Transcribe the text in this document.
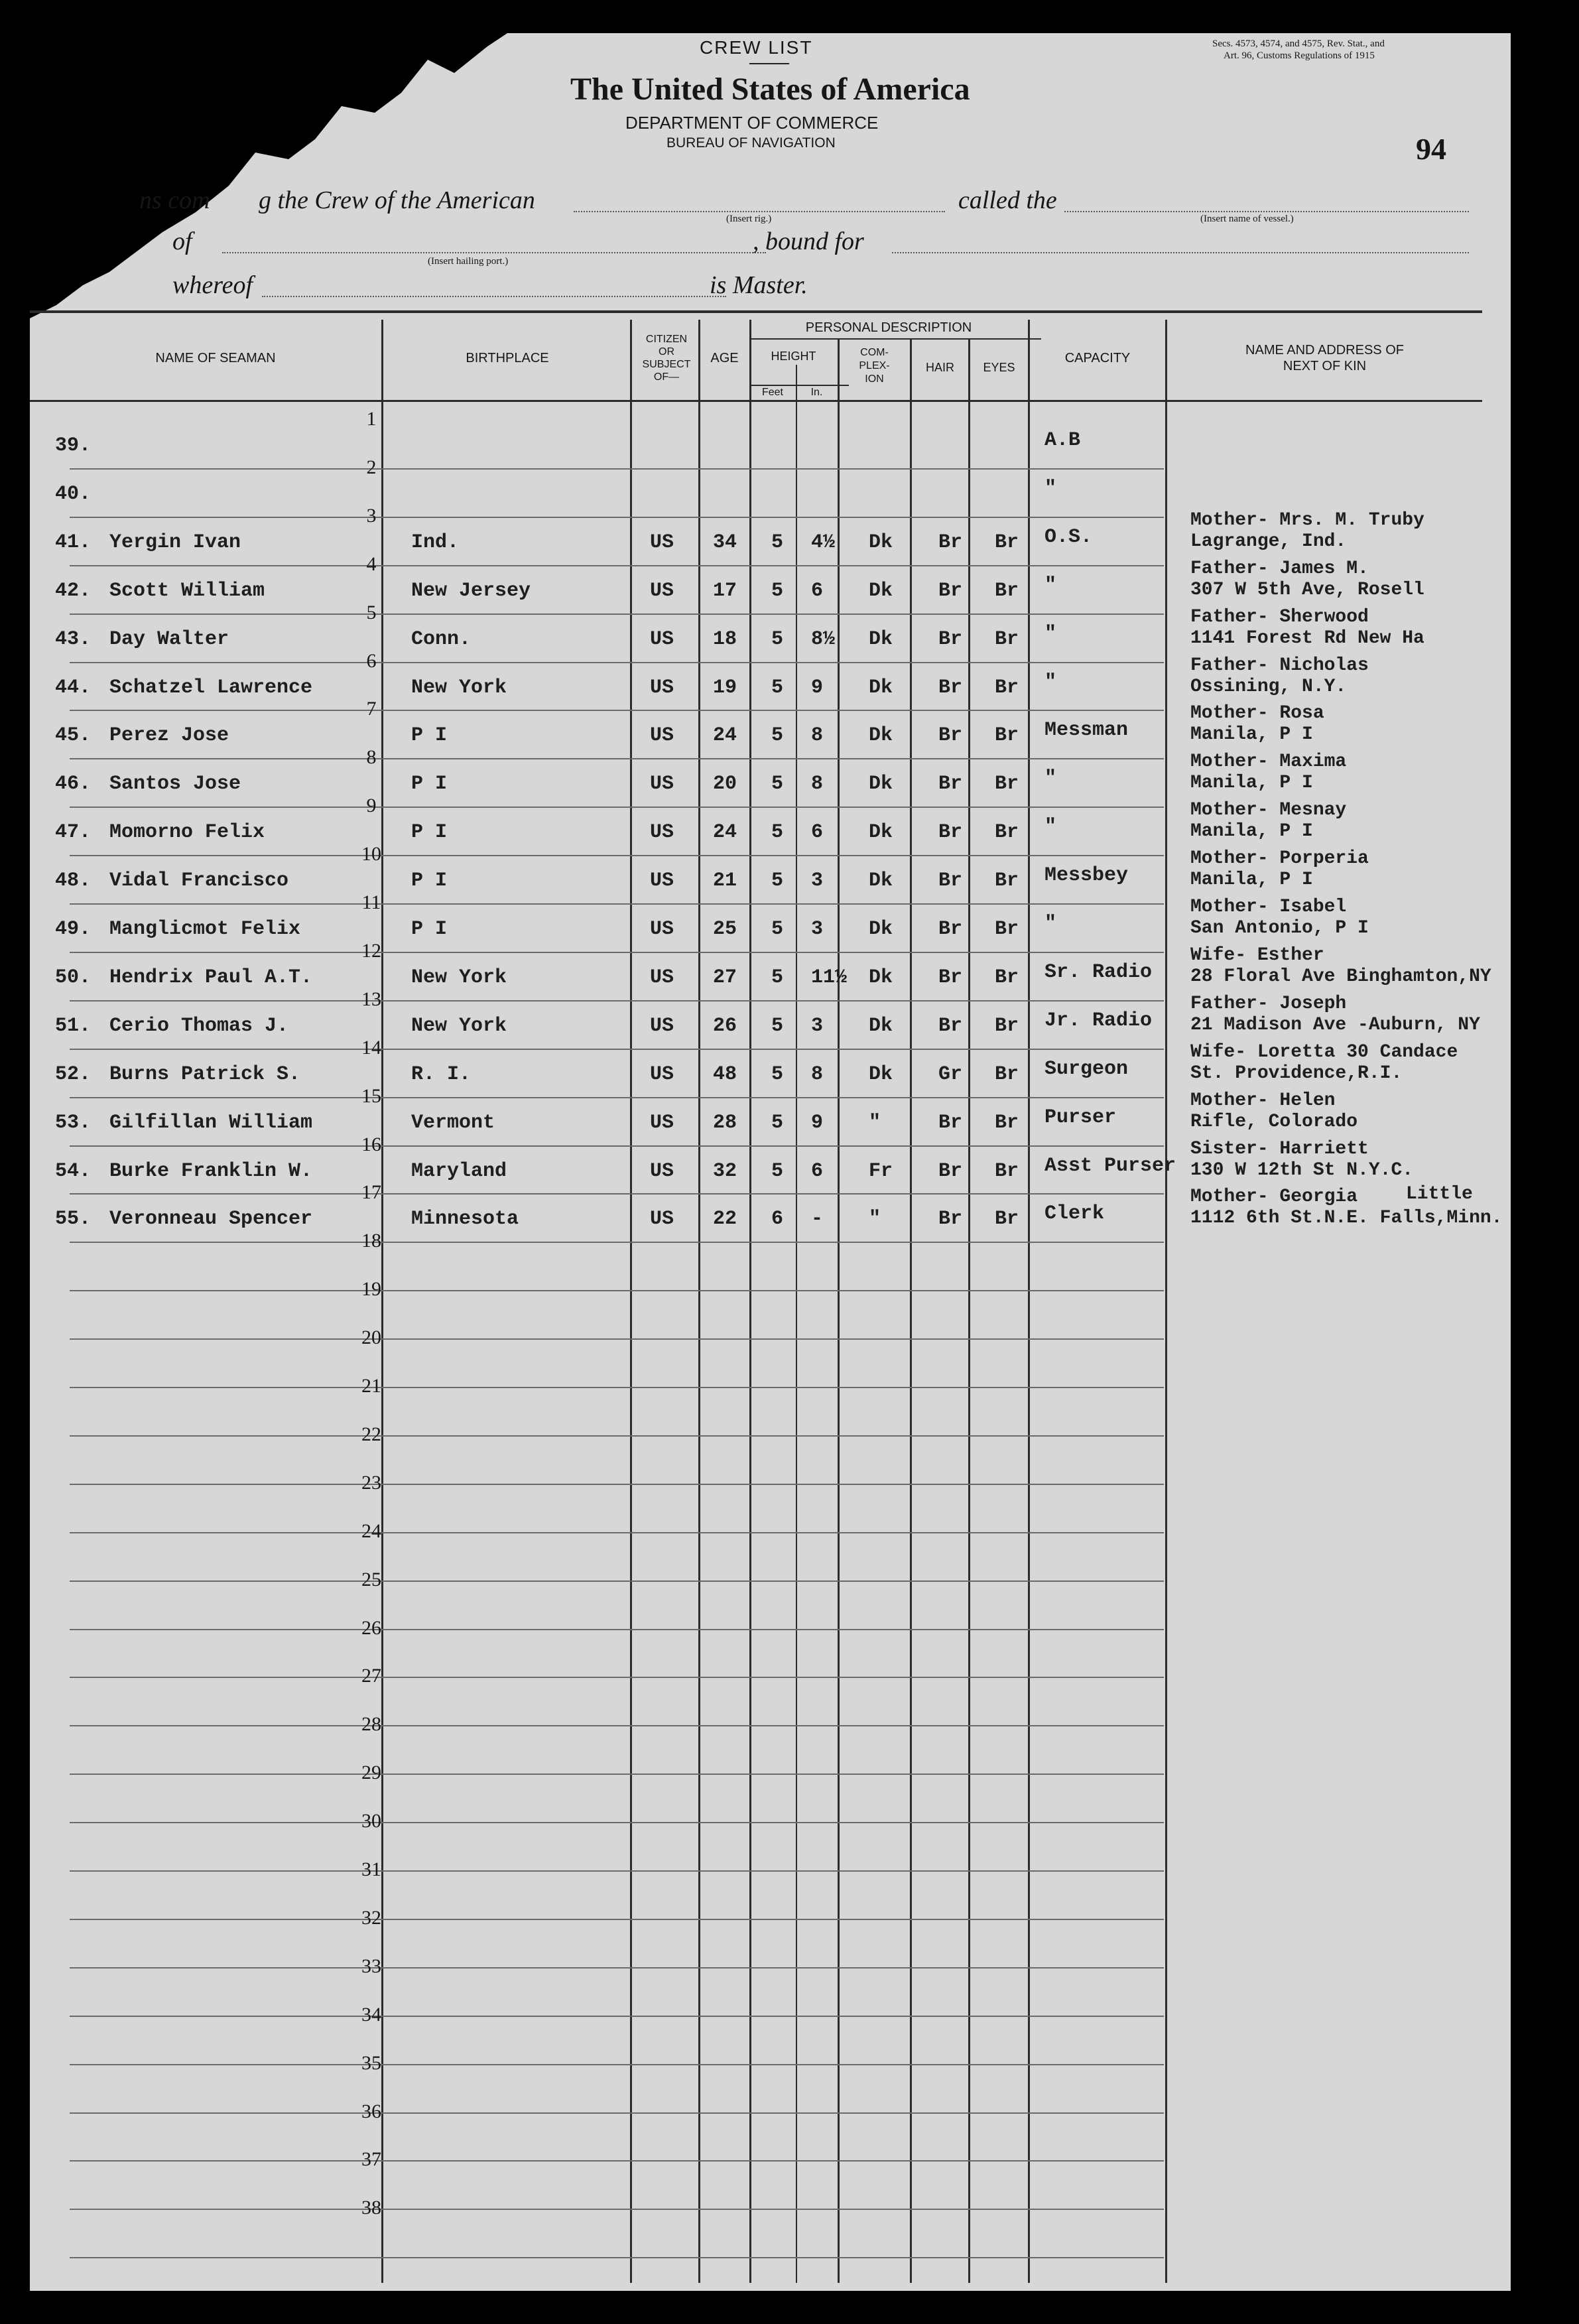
CREW LIST	Secs. 4573, 4574, and 4575, Rev. Stat., and
Art. 96, Customs Regulations of 1915
The United States of America
DEPARTMENT OF COMMERCE
BUREAU OF NAVIGATION	94
ns com g the Crew of the American
(Insert rig.)
called the
(Insert name of vessel.)
of
(Insert hailing port.)
, bound for
whereof	is Master.
NAME OF SEAMAN	BIRTHPLACE
CITIZEN
OR
SUBJECT
OF—
AGE
PERSONAL DESCRIPTION
HEIGHT
Feet	In.
COM-
PLEX-
ION
HAIR	EYES
CAPACITY
NAME AND ADDRESS OF
NEXT OF KIN
1
39.	A.B
2
40.	"
3
41. Yergin Ivan	Ind.	US 34 5 4½ Dk Br Br O.S.
Mother- Mrs. M. Truby
Lagrange, Ind.
4
42. Scott William	New Jersey	US 17 5 6 Dk Br Br "
Father- James M.
307 W 5th Ave, Rosell
5
43. Day Walter	Conn.	US 18 5 8½ Dk Br Br "
Father- Sherwood
1141 Forest Rd New Ha
6
44. Schatzel Lawrence	New York	US 19 5 9 Dk Br Br "
Father- Nicholas
Ossining, N.Y.
7
45. Perez Jose	P I	US 24 5 8 Dk Br Br Messman
Mother- Rosa
Manila, P I
8
46. Santos Jose	P I	US 20 5 8 Dk Br Br "
Mother- Maxima
Manila, P I
9
47. Momorno Felix	P I	US 24 5 6 Dk Br Br "
Mother- Mesnay
Manila, P I
10
48. Vidal Francisco	P I	US 21 5 3 Dk Br Br Messbey
Mother- Porperia
Manila, P I
11
49. Manglicmot Felix	P I	US 25 5 3 Dk Br Br "
Mother- Isabel
San Antonio, P I
12
50. Hendrix Paul A.T.	New York	US 27 5 11½ Dk Br Br Sr. Radio
Wife- Esther
28 Floral Ave Binghamton,NY
13
51. Cerio Thomas J.	New York	US 26 5 3 Dk Br Br Jr. Radio
Father- Joseph
21 Madison Ave -Auburn, NY
14
52. Burns Patrick S.	R. I.	US 48 5 8 Dk Gr Br Surgeon
Wife- Loretta 30 Candace
St. Providence,R.I.
15
53. Gilfillan William	Vermont	US 28 5 9 "	Br Br Purser
Mother- Helen
Rifle, Colorado
16
54. Burke Franklin W.	Maryland	US 32 5 6 Fr Br Br Asst Purser
Sister- Harriett
130 W 12th St N.Y.C.
17
55. Veronneau Spencer	Minnesota	US 22 6 - "	Br Br Clerk
Mother- Georgia	Little
1112 6th St.N.E. Falls,Minn.
18
19
20
21
22
23
24
25
26
27
28
29
30
31
32
33
34
35
36
37
38
